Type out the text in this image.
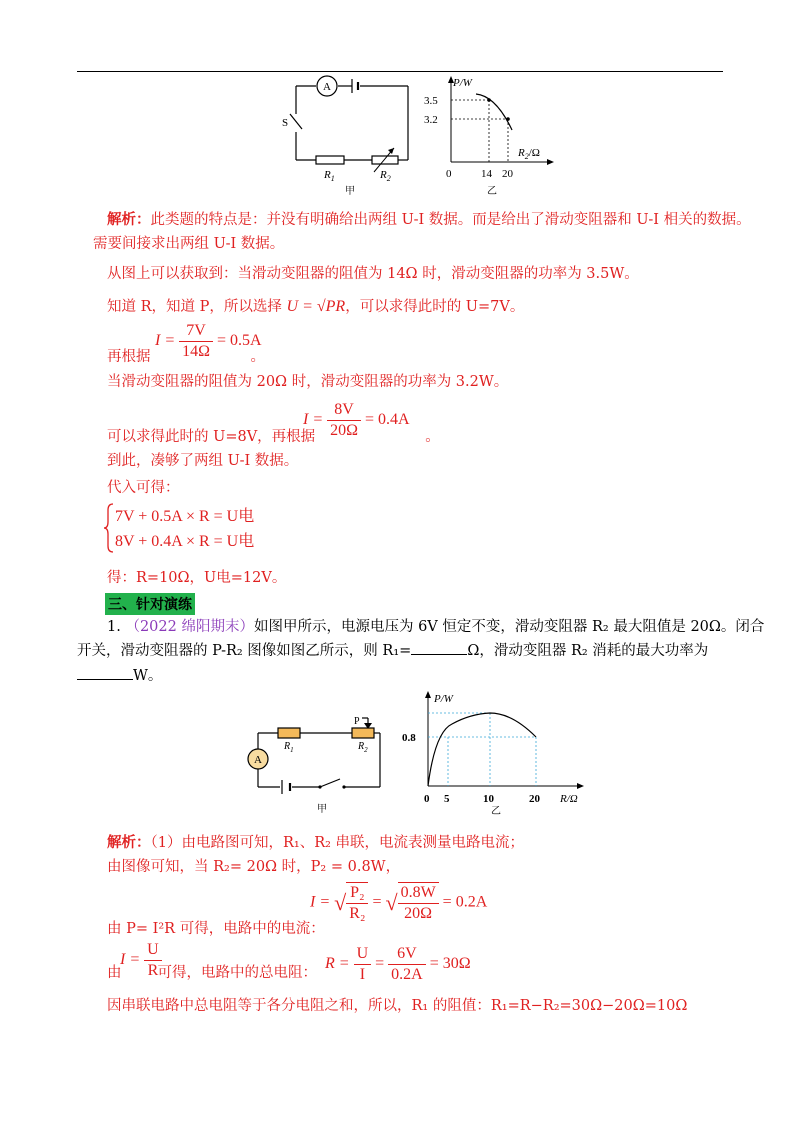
A
S
$R_1$	$R_2$
甲
P/W
3.5
3.2
$R_2/\Omega$
0	14 20
乙
解析：此类题的特点是：并没有明确给出两组 U-I 数据。而是给出了滑动变阻器和 U-I 相关的数据。
需要间接求出两组 U-I 数据。
从图上可以获取到：当滑动变阻器的阻值为 14Ω 时，滑动变阻器的功率为 3.5W。
知道 R，知道 P，所以选择 U = √PR，可以求得此时的 U=7V。
$I = \frac{7V}{14\Omega} = 0.5A$
再根据	。
当滑动变阻器的阻值为 20Ω 时，滑动变阻器的功率为 3.2W。
$I = \frac{8V}{20\Omega} = 0.4A$
可以求得此时的 U=8V，再根据	。
到此，凑够了两组 U-I 数据。
代入可得：
7V + 0.5A × R = U电
8V + 0.4A × R = U电
得：R=10Ω，U电=12V。
三、针对演练
1. （2022 绵阳期末）如图甲所示，电源电压为 6V 恒定不变，滑动变阻器 R₂ 最大阻值是 20Ω。闭合
开关，滑动变阻器的 P-R₂ 图像如图乙所示，则 R₁=	Ω，滑动变阻器 R₂ 消耗的最大功率为
W。
A
P
$R_1$	$R_2$
甲
P/W
0.8
0 5	10	20 R/Ω
乙
解析：（1）由电路图可知，R₁、R₂ 串联，电流表测量电路电流；
由图像可知，当 R₂= 20Ω 时，P₂ = 0.8W，
I = √ $\frac{\text{P₂}}{\text{R₂}}$ = √ $\frac{0.8W}{20\Omega} = 0.2A$
由 P= I²R 可得，电路中的电流：
$I = \frac{U}{R}$	$R = \frac{U}{I} = \frac{6V}{0.2A} = 30\Omega$
由 可得，电路中的总电阻：
因串联电路中总电阻等于各分电阻之和，所以，R₁ 的阻值：R₁=R−R₂=30Ω−20Ω=10Ω
